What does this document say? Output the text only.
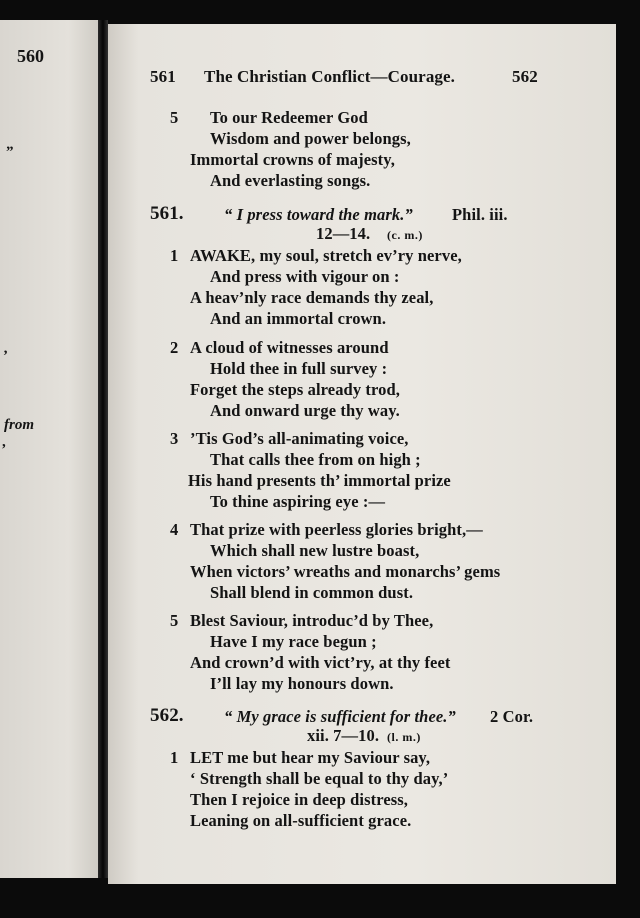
560
”
’
from
,
561 The Christian Conflict—Courage.	562
5 To our Redeemer God
Wisdom and power belongs,
Immortal crowns of majesty,
And everlasting songs.
561. “ I press toward the mark.” Phil. iii.
12—14. (c. m.)
1 AWAKE, my soul, stretch ev’ry nerve,
And press with vigour on :
A heav’nly race demands thy zeal,
And an immortal crown.
2 A cloud of witnesses around
Hold thee in full survey :
Forget the steps already trod,
And onward urge thy way.
3 ’Tis God’s all-animating voice,
That calls thee from on high ;
His hand presents th’ immortal prize
To thine aspiring eye :—
4 That prize with peerless glories bright,—
Which shall new lustre boast,
When victors’ wreaths and monarchs’ gems
Shall blend in common dust.
5 Blest Saviour, introduc’d by Thee,
Have I my race begun ;
And crown’d with vict’ry, at thy feet
I’ll lay my honours down.
562. “ My grace is sufficient for thee.” 2 Cor.
xii. 7—10. (l. m.)
1 LET me but hear my Saviour say,
‘ Strength shall be equal to thy day,’
Then I rejoice in deep distress,
Leaning on all-sufficient grace.
